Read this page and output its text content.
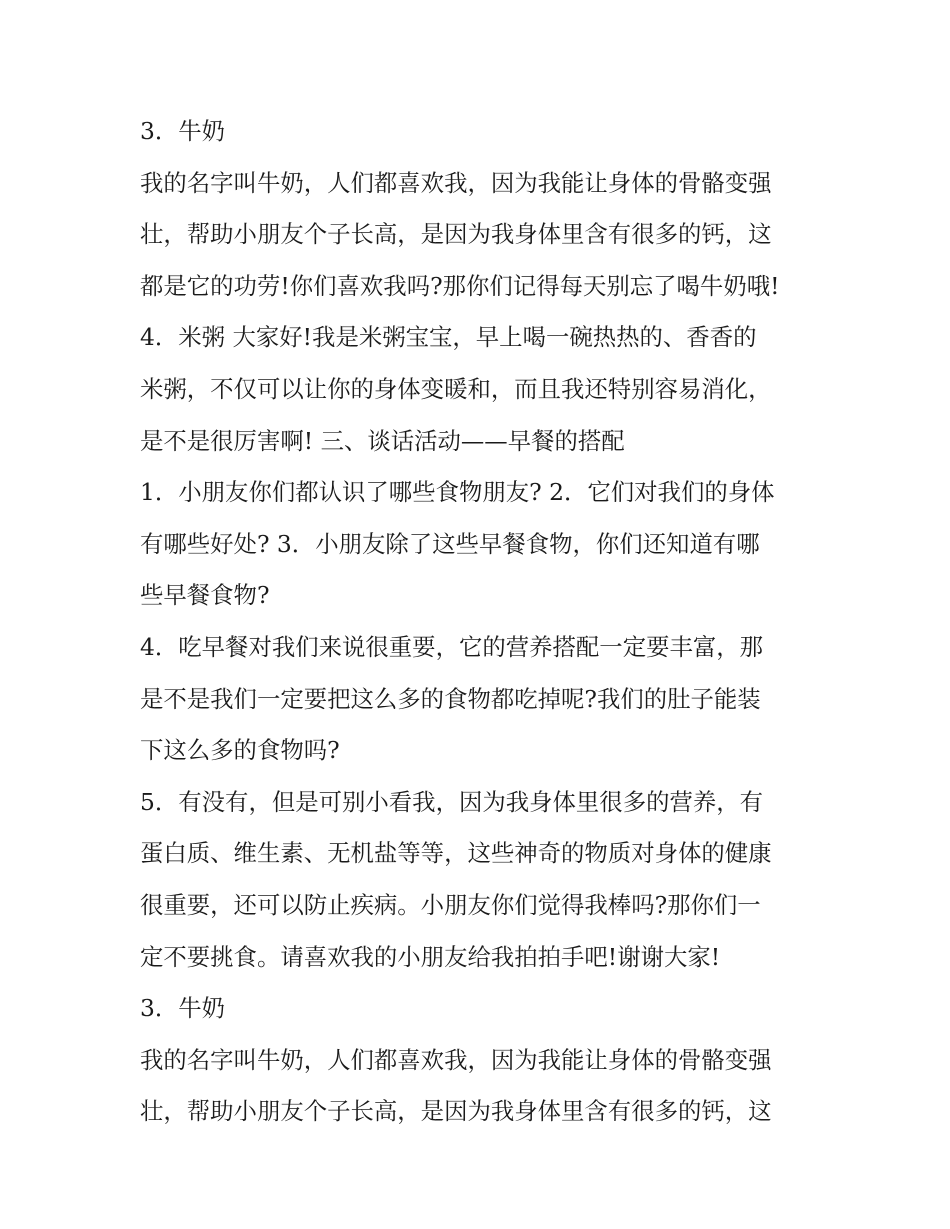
3．牛奶
我的名字叫牛奶，人们都喜欢我，因为我能让身体的骨骼变强
壮，帮助小朋友个子长高，是因为我身体里含有很多的钙，这
都是它的功劳!你们喜欢我吗?那你们记得每天别忘了喝牛奶哦!
4．米粥 大家好!我是米粥宝宝，早上喝一碗热热的、香香的
米粥，不仅可以让你的身体变暖和，而且我还特别容易消化，
是不是很厉害啊! 三、谈话活动——早餐的搭配
1．小朋友你们都认识了哪些食物朋友? 2．它们对我们的身体
有哪些好处? 3．小朋友除了这些早餐食物，你们还知道有哪
些早餐食物?
4．吃早餐对我们来说很重要，它的营养搭配一定要丰富，那
是不是我们一定要把这么多的食物都吃掉呢?我们的肚子能装
下这么多的食物吗?
5．有没有，但是可别小看我，因为我身体里很多的营养，有
蛋白质、维生素、无机盐等等，这些神奇的物质对身体的健康
很重要，还可以防止疾病。小朋友你们觉得我棒吗?那你们一
定不要挑食。请喜欢我的小朋友给我拍拍手吧!谢谢大家!
3．牛奶
我的名字叫牛奶，人们都喜欢我，因为我能让身体的骨骼变强
壮，帮助小朋友个子长高，是因为我身体里含有很多的钙，这
